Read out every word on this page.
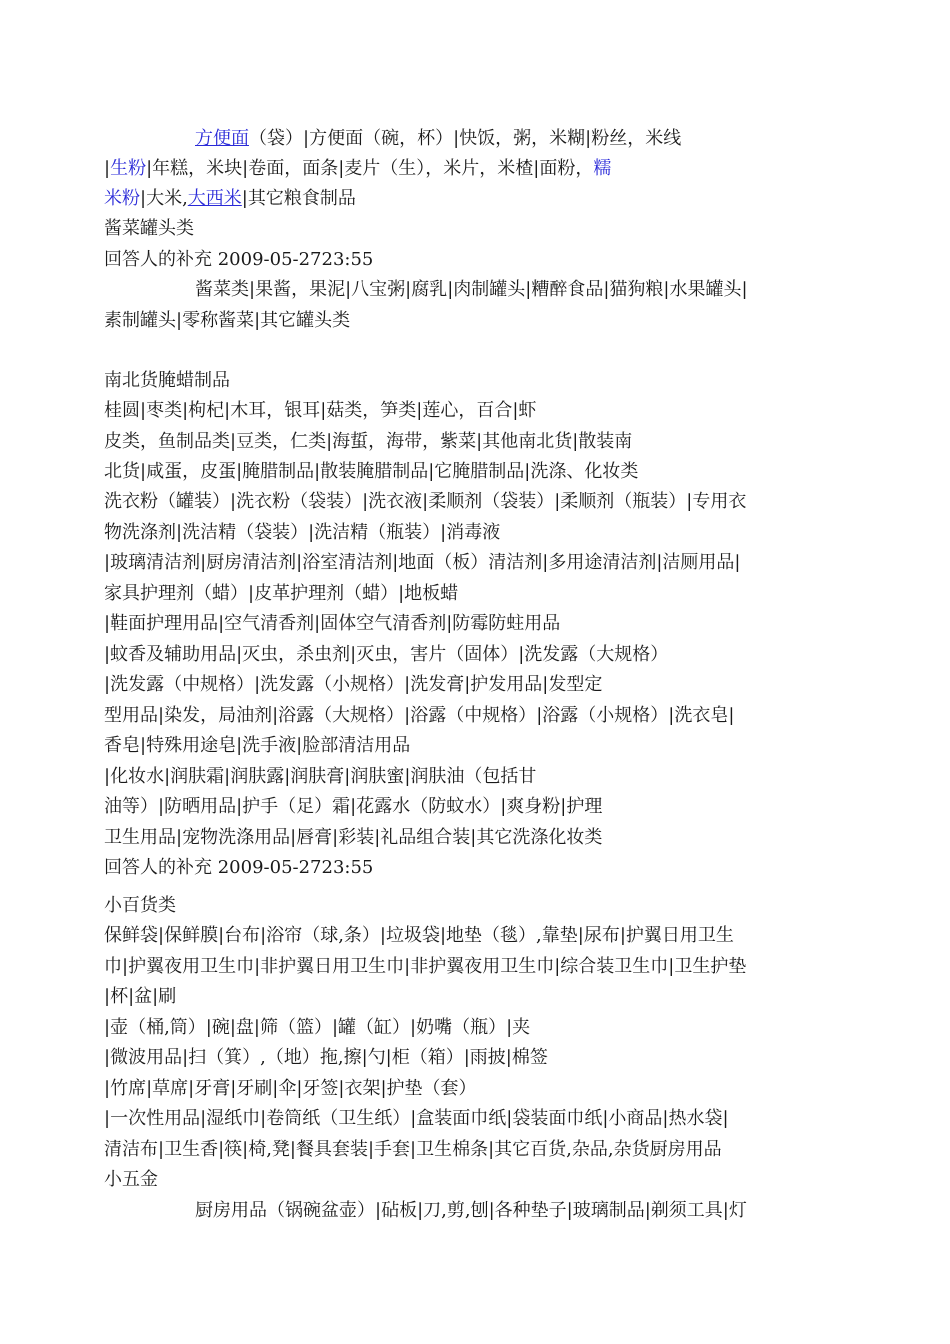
方便面（袋）|方便面（碗，杯）|快饭，粥，米糊|粉丝，米线
|生粉|年糕，米块|卷面，面条|麦片（生），米片，米楂|面粉，糯
米粉|大米,大西米|其它粮食制品
酱菜罐头类
回答人的补充 2009-05-2723:55
酱菜类|果酱，果泥|八宝粥|腐乳|肉制罐头|糟醉食品|猫狗粮|水果罐头|
素制罐头|零称酱菜|其它罐头类
南北货腌蜡制品
桂圆|枣类|枸杞|木耳，银耳|菇类，笋类|莲心，百合|虾
皮类，鱼制品类|豆类，仁类|海蜇，海带，紫菜|其他南北货|散装南
北货|咸蛋，皮蛋|腌腊制品|散装腌腊制品|它腌腊制品|洗涤、化妆类
洗衣粉（罐装）|洗衣粉（袋装）|洗衣液|柔顺剂（袋装）|柔顺剂（瓶装）|专用衣
物洗涤剂|洗洁精（袋装）|洗洁精（瓶装）|消毒液
|玻璃清洁剂|厨房清洁剂|浴室清洁剂|地面（板）清洁剂|多用途清洁剂|洁厕用品|
家具护理剂（蜡）|皮革护理剂（蜡）|地板蜡
|鞋面护理用品|空气清香剂|固体空气清香剂|防霉防蛀用品
|蚊香及辅助用品|灭虫，杀虫剂|灭虫，害片（固体）|洗发露（大规格）
|洗发露（中规格）|洗发露（小规格）|洗发膏|护发用品|发型定
型用品|染发，局油剂|浴露（大规格）|浴露（中规格）|浴露（小规格）|洗衣皂|
香皂|特殊用途皂|洗手液|脸部清洁用品
|化妆水|润肤霜|润肤露|润肤膏|润肤蜜|润肤油（包括甘
油等）|防晒用品|护手（足）霜|花露水（防蚊水）|爽身粉|护理
卫生用品|宠物洗涤用品|唇膏|彩装|礼品组合装|其它洗涤化妆类
回答人的补充 2009-05-2723:55
小百货类
保鲜袋|保鲜膜|台布|浴帘（球,条）|垃圾袋|地垫（毯）,靠垫|尿布|护翼日用卫生
巾|护翼夜用卫生巾|非护翼日用卫生巾|非护翼夜用卫生巾|综合装卫生巾|卫生护垫
|杯|盆|刷
|壶（桶,筒）|碗|盘|筛（篮）|罐（缸）|奶嘴（瓶）|夹
|微波用品|扫（箕）,（地）拖,擦|勺|柜（箱）|雨披|棉签
|竹席|草席|牙膏|牙刷|伞|牙签|衣架|护垫（套）
|一次性用品|湿纸巾|卷筒纸（卫生纸）|盒装面巾纸|袋装面巾纸|小商品|热水袋|
清洁布|卫生香|筷|椅,凳|餐具套装|手套|卫生棉条|其它百货,杂品,杂货厨房用品
小五金
厨房用品（锅碗盆壶）|砧板|刀,剪,刨|各种垫子|玻璃制品|剃须工具|灯
